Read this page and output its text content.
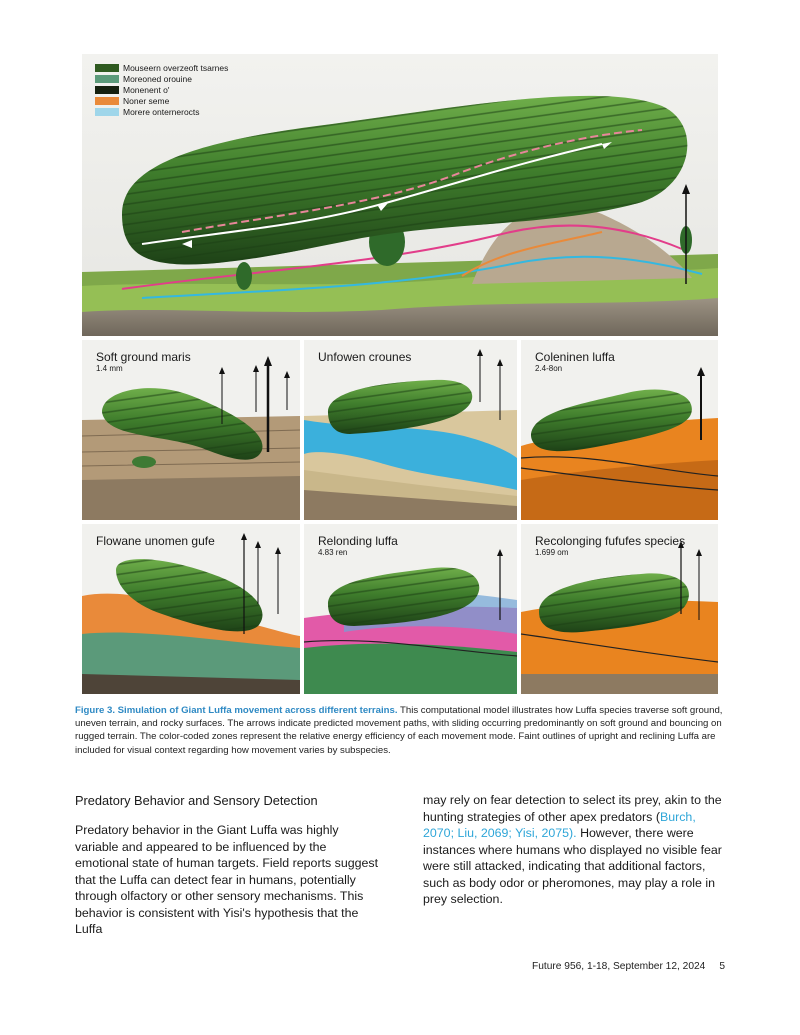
Mouseern overzeoft tsarnes
Moreoned orouine
Monenent o'
Noner seme
Morere onternerocts
Soft ground maris
1.4 mm
Unfowen crounes	Coleninen luffa
2.4-8on
Flowane unomen gufe	Relonding luffa
4.83 ren
Recolonging fufufes species
1.699 om
Figure 3. Simulation of Giant Luffa movement across different terrains. This computational model illustrates how Luffa species traverse soft ground, uneven terrain, and rocky surfaces. The arrows indicate predicted movement paths, with sliding occurring predominantly on soft ground and bouncing on rugged terrain. The color-coded zones represent the relative energy efficiency of each movement mode. Faint outlines of upright and reclining Luffa are included for visual context regarding how movement varies by subspecies.
Predatory Behavior and Sensory Detection

Predatory behavior in the Giant Luffa was highly variable and appeared to be influenced by the emotional state of human targets. Field reports suggest that the Luffa can detect fear in humans, potentially through olfactory or other sensory mechanisms. This behavior is consistent with Yisi's hypothesis that the Luffa

may rely on fear detection to select its prey, akin to the hunting strategies of other apex predators (Burch, 2070; Liu, 2069; Yisi, 2075). However, there were instances where humans who displayed no visible fear were still attacked, indicating that additional factors, such as body odor or pheromones, may play a role in prey selection.

Future 956, 1-18, September 12, 2024 5
